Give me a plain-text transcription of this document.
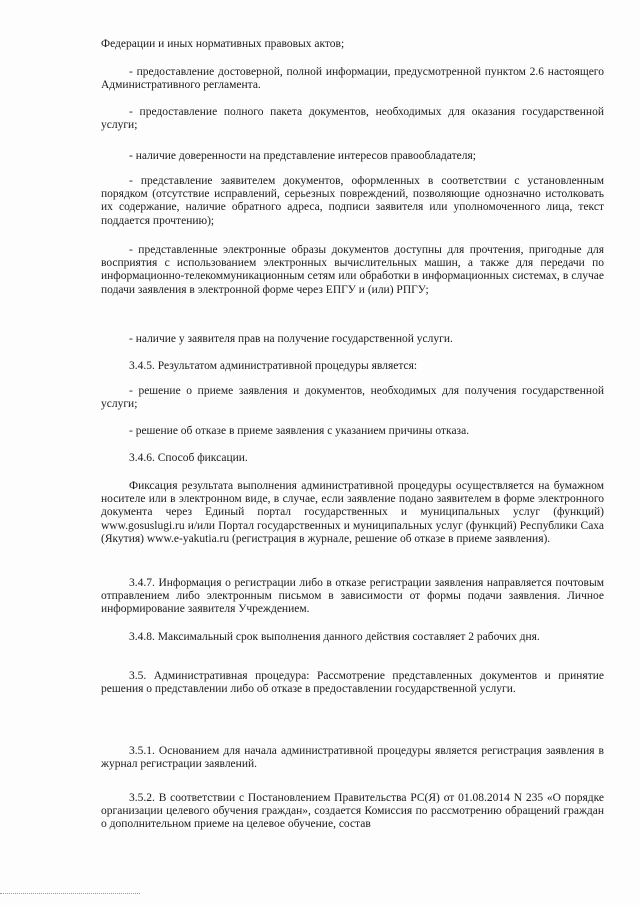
Федерации и иных нормативных правовых актов;

- предоставление достоверной, полной информации, предусмотренной пунктом 2.6 настоящего Административного регламента.

- предоставление полного пакета документов, необходимых для оказания государственной услуги;

- наличие доверенности на представление интересов правообладателя;

- представление заявителем документов, оформленных в соответствии с установленным порядком (отсутствие исправлений, серьезных повреждений, позволяющие однозначно истолковать их содержание, наличие обратного адреса, подписи заявителя или уполномоченного лица, текст поддается прочтению);

- представленные электронные образы документов доступны для прочтения, пригодные для восприятия с использованием электронных вычислительных машин, а также для передачи по информационно-телекоммуникационным сетям или обработки в информационных системах, в случае подачи заявления в электронной форме через ЕПГУ и (или) РПГУ;

- наличие у заявителя прав на получение государственной услуги.

3.4.5. Результатом административной процедуры является:

- решение о приеме заявления и документов, необходимых для получения государственной услуги;

- решение об отказе в приеме заявления с указанием причины отказа.

3.4.6. Способ фиксации.

Фиксация результата выполнения административной процедуры осуществляется на бумажном носителе или в электронном виде, в случае, если заявление подано заявителем в форме электронного документа через Единый портал государственных и муниципальных услуг (функций) www.gosuslugi.ru и/или Портал государственных и муниципальных услуг (функций) Республики Саха (Якутия) www.e-yakutia.ru (регистрация в журнале, решение об отказе в приеме заявления).

3.4.7. Информация о регистрации либо в отказе регистрации заявления направляется почтовым отправлением либо электронным письмом в зависимости от формы подачи заявления. Личное информирование заявителя Учреждением.

3.4.8. Максимальный срок выполнения данного действия составляет 2 рабочих дня.

3.5. Административная процедура: Рассмотрение представленных документов и принятие решения о представлении либо об отказе в предоставлении государственной услуги.

3.5.1. Основанием для начала административной процедуры является регистрация заявления в журнал регистрации заявлений.

3.5.2. В соответствии с Постановлением Правительства РС(Я) от 01.08.2014 N 235 «О порядке организации целевого обучения граждан», создается Комиссия по рассмотрению обращений граждан о дополнительном приеме на целевое обучение, состав
